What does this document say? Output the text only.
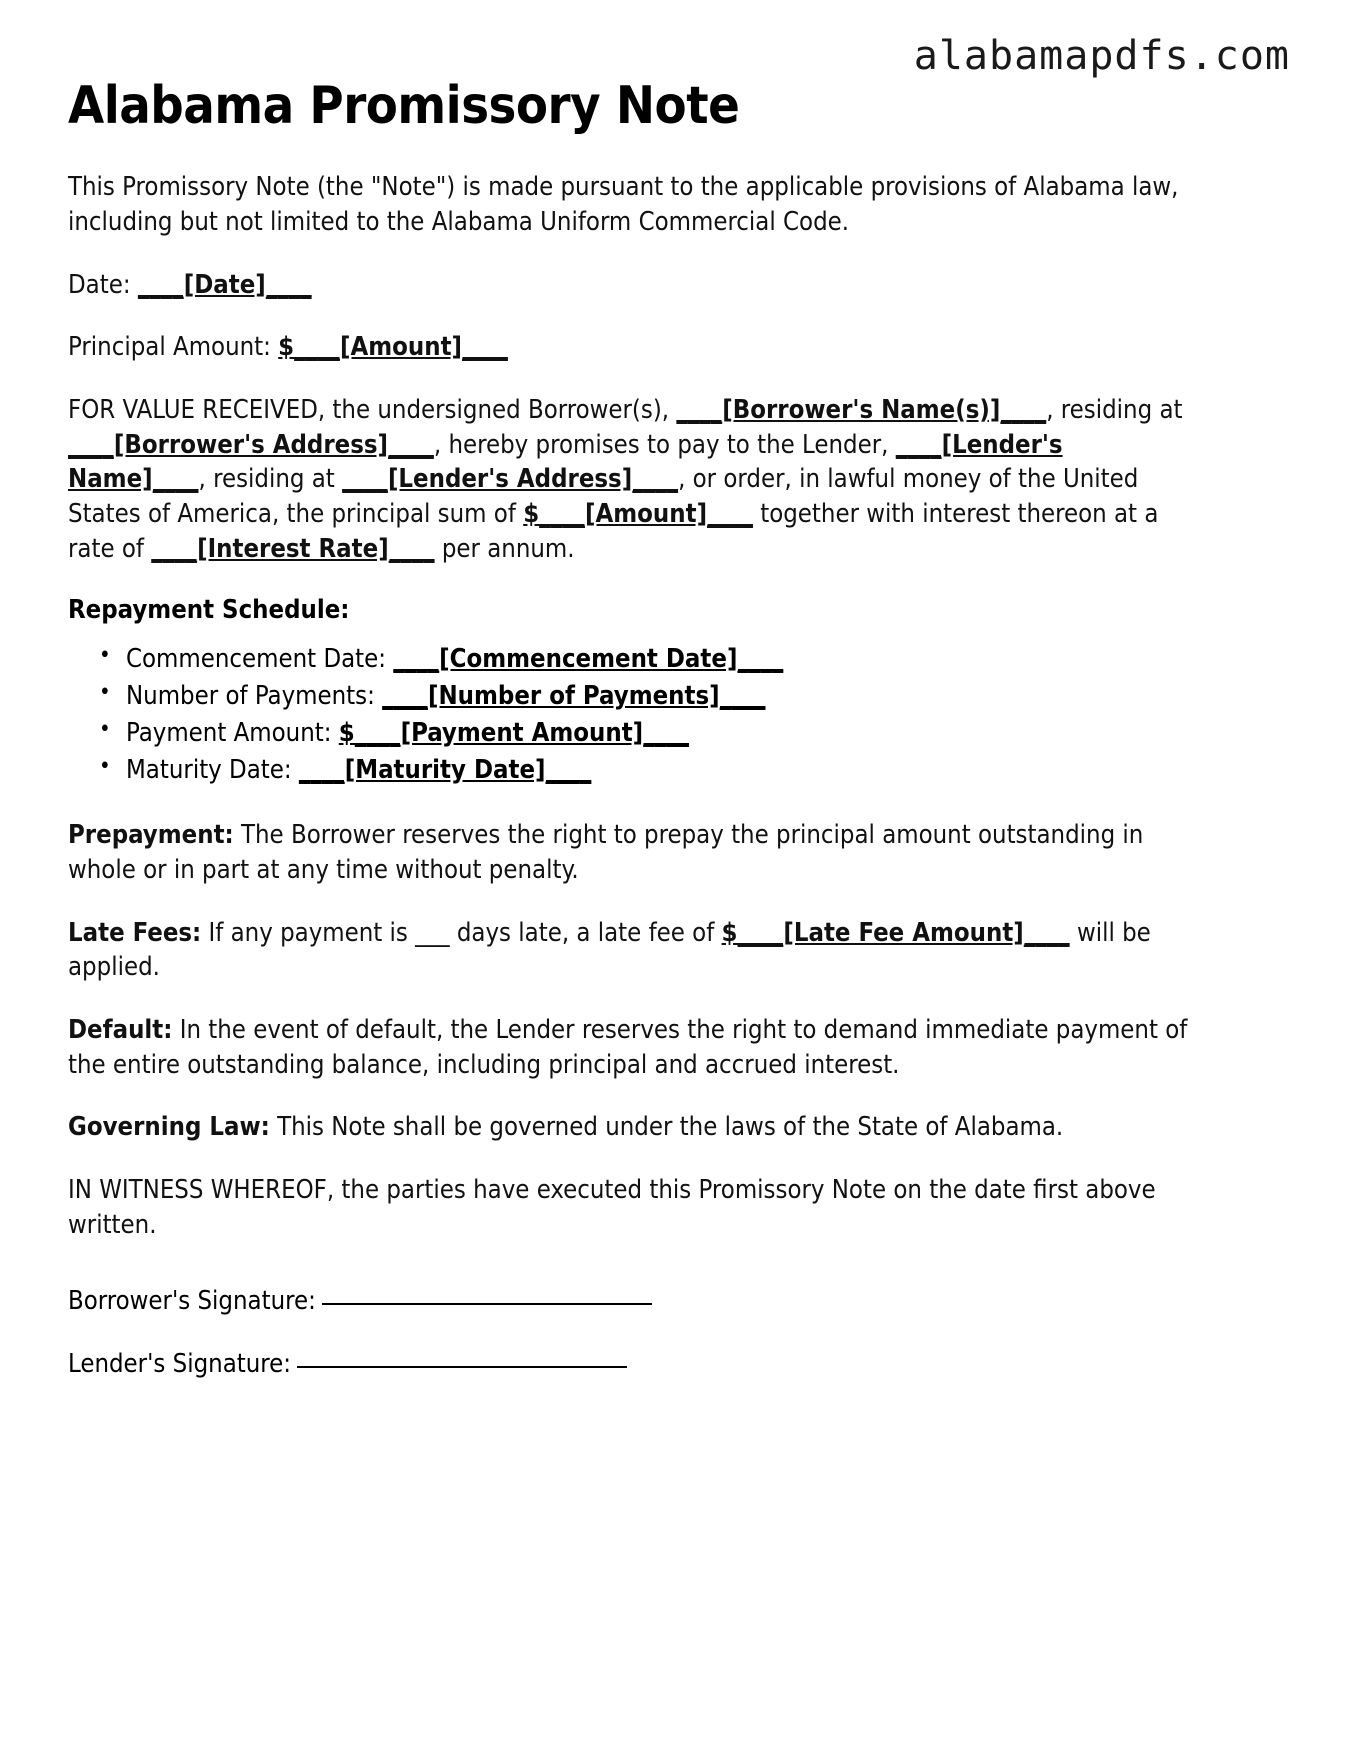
alabamapdfs.com
Alabama Promissory Note

This Promissory Note (the "Note") is made pursuant to the applicable provisions of Alabama law, including but not limited to the Alabama Uniform Commercial Code.

Date: ____[Date]____

Principal Amount: $____[Amount]____

FOR VALUE RECEIVED, the undersigned Borrower(s), ____[Borrower's Name(s)]____, residing at ____[Borrower's Address]____, hereby promises to pay to the Lender, ____[Lender's Name]____, residing at ____[Lender's Address]____, or order, in lawful money of the United States of America, the principal sum of $____[Amount]____ together with interest thereon at a rate of ____[Interest Rate]____ per annum.

Repayment Schedule:
• Commencement Date: ____[Commencement Date]____
• Number of Payments: ____[Number of Payments]____
• Payment Amount: $____[Payment Amount]____
• Maturity Date: ____[Maturity Date]____

Prepayment: The Borrower reserves the right to prepay the principal amount outstanding in whole or in part at any time without penalty.

Late Fees: If any payment is ___ days late, a late fee of $____[Late Fee Amount]____ will be applied.

Default: In the event of default, the Lender reserves the right to demand immediate payment of the entire outstanding balance, including principal and accrued interest.

Governing Law: This Note shall be governed under the laws of the State of Alabama.

IN WITNESS WHEREOF, the parties have executed this Promissory Note on the date first above written.

Borrower's Signature:
Lender's Signature:
